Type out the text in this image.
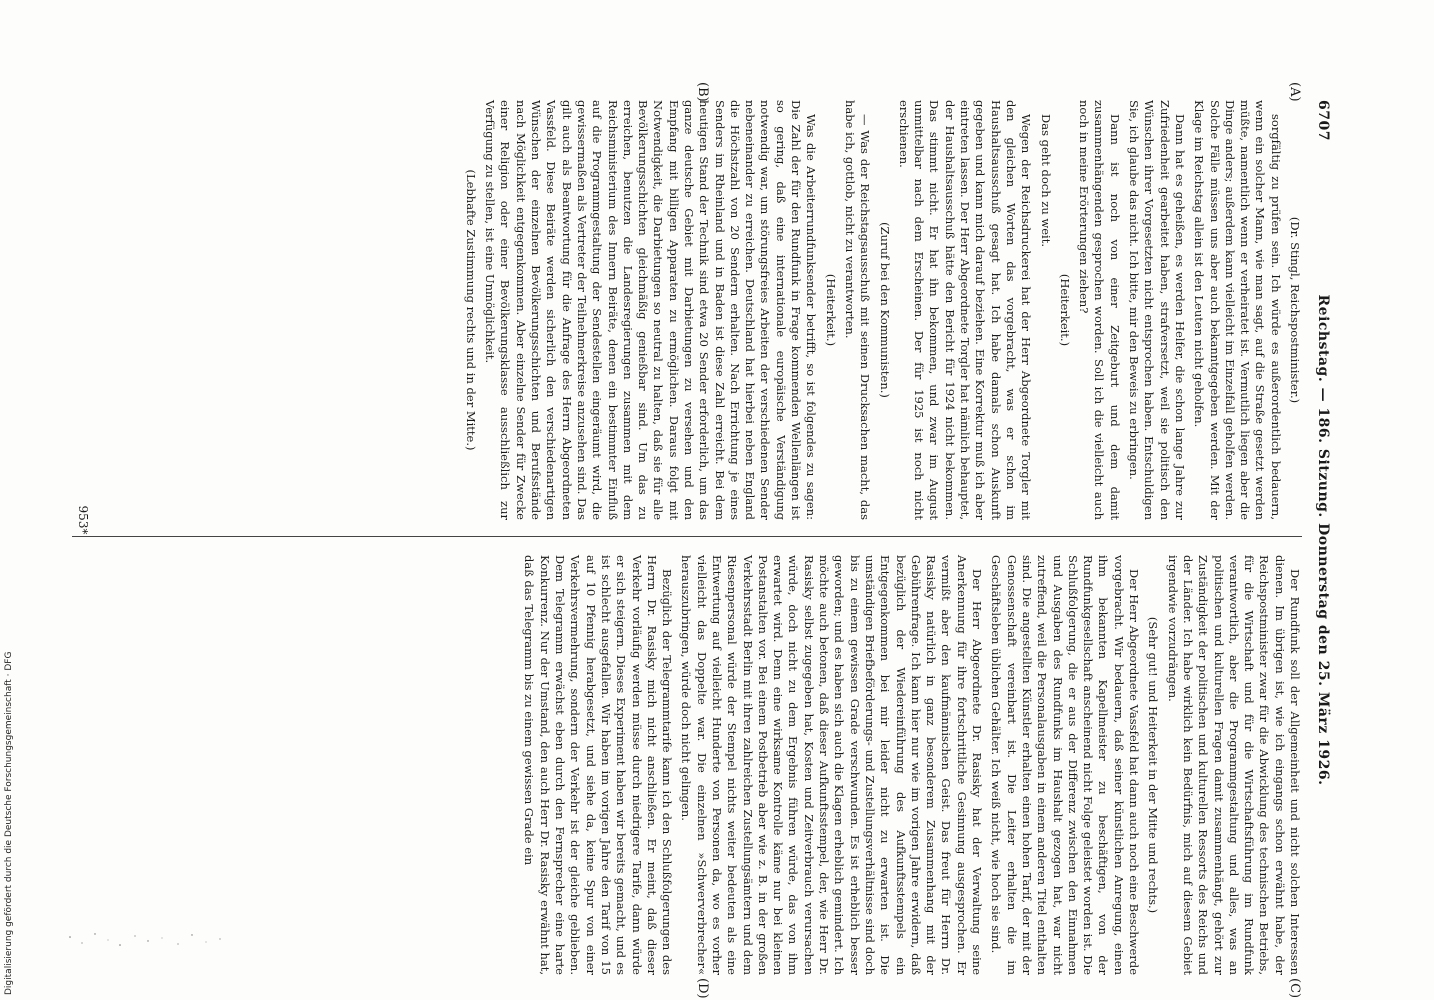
6707
Reichstag. — 186. Sitzung. Donnerstag den 25. März 1926.
(A)
(B)
(C)
(D)

(Dr. Stingl, Reichspostminister.)

sorgfältig zu prüfen sein. Ich würde es außerordentlich bedauern, wenn ein solcher Mann, wie man sagt, auf die Straße gesetzt werden müßte, namentlich wenn er verheiratet ist. Vermutlich liegen aber die Dinge anders; außerdem kann vielleicht im Einzelfall geholfen werden. Solche Fälle müssen uns aber auch bekanntgegeben werden. Mit der Klage im Reichstag allein ist den Leuten nicht geholfen.

Dann hat es geheißen, es werden Helfer, die schon lange Jahre zur Zufriedenheit gearbeitet haben, strafversetzt, weil sie politisch den Wünschen ihrer Vorgesetzten nicht entsprochen haben. Entschuldigen Sie, ich glaube das nicht. Ich bitte, mir den Beweis zu erbringen.

Dann ist noch von einer Zeitgeburt und dem damit zusammenhängenden gesprochen worden. Soll ich die vielleicht auch noch in meine Erörterungen ziehen?

(Heiterkeit.)

Das geht doch zu weit.

Wegen der Reichsdruckerei hat der Herr Abgeordnete Torgler mit den gleichen Worten das vorgebracht, was er schon im Haushaltsausschuß gesagt hat. Ich habe damals schon Auskunft gegeben und kann mich darauf beziehen. Eine Korrektur muß ich aber eintreten lassen. Der Herr Abgeordnete Torgler hat nämlich behauptet, der Haushaltsausschuß hätte den Bericht für 1924 nicht bekommen. Das stimmt nicht. Er hat ihn bekommen, und zwar im August unmittelbar nach dem Erscheinen. Der für 1925 ist noch nicht erschienen.

(Zuruf bei den Kommunisten.)

— Was der Reichstagsausschuß mit seinen Drucksachen macht, das habe ich, gottlob, nicht zu verantworten.

(Heiterkeit.)

Was die Arbeiterrundfunksender betrifft, so ist folgendes zu sagen: Die Zahl der für den Rundfunk in Frage kommenden Wellenlängen ist so gering, daß eine internationale europäische Verständigung notwendig war, um störungsfreies Arbeiten der verschiedenen Sender nebeneinander zu erreichen. Deutschland hat hierbei neben England die Höchstzahl von 20 Sendern erhalten. Nach Errichtung je eines Senders im Rheinland und in Baden ist diese Zahl erreicht. Bei dem heutigen Stand der Technik sind etwa 20 Sender erforderlich, um das ganze deutsche Gebiet mit Darbietungen zu versehen und den Empfang mit billigen Apparaten zu ermöglichen. Daraus folgt mit Notwendigkeit, die Darbietungen so neutral zu halten, daß sie für alle Bevölkerungsschichten gleichmäßig genießbar sind. Um das zu erreichen, benutzen die Landesregierungen zusammen mit dem Reichsministerium des Innern Beiräte, denen ein bestimmter Einfluß auf die Programmgestaltung der Sendestellen eingeräumt wird, die gewissermaßen als Vertreter der Teilnehmerkreise anzusehen sind. Das gilt auch als Beantwortung für die Anfrage des Herrn Abgeordneten Vassfeld. Diese Beiräte werden sicherlich den verschiedenartigen Wünschen der einzelnen Bevölkerungsschichten und Berufsstände nach Möglichkeit entgegenkommen. Aber einzelne Sender für Zwecke einer Religion oder einer Bevölkerungsklasse ausschließlich zur Verfügung zu stellen, ist eine Unmöglichkeit.

(Lebhafte Zustimmung rechts und in der Mitte.)

Der Rundfunk soll der Allgemeinheit und nicht solchen Interessen dienen. Im übrigen ist, wie ich eingangs schon erwähnt habe, der Reichspostminister zwar für die Abwicklung des technischen Betriebs, für die Wirtschaft und für die Wirtschaftsführung im Rundfunk verantwortlich, aber die Programmgestaltung und alles, was an politischen und kulturellen Fragen damit zusammenhängt, gehört zur Zuständigkeit der politischen und kulturellen Ressorts des Reichs und der Länder. Ich habe wirklich kein Bedürfnis, mich auf diesem Gebiet irgendwie vorzudrängen.

(Sehr gut! und Heiterkeit in der Mitte und rechts.)

Der Herr Abgeordnete Vassfeld hat dann auch noch eine Beschwerde vorgebracht. Wir bedauern, daß seiner künstlichen Anregung, einen ihm bekannten Kapellmeister zu beschäftigen, von der Rundfunkgesellschaft anscheinend nicht Folge geleistet worden ist. Die Schlußfolgerung, die er aus der Differenz zwischen den Einnahmen und Ausgaben des Rundfunks im Haushalt gezogen hat, war nicht zutreffend, weil die Personalausgaben in einem anderen Titel enthalten sind. Die angestellten Künstler erhalten einen hohen Tarif, der mit der Genossenschaft vereinbart ist. Die Leiter erhalten die im Geschäftsleben üblichen Gehälter. Ich weiß nicht, wie hoch sie sind.

Der Herr Abgeordnete Dr. Rasisky hat der Verwaltung seine Anerkennung für ihre fortschrittliche Gesinnung ausgesprochen. Er vermißt aber den kaufmännischen Geist. Das freut für Herrn Dr. Rasisky natürlich in ganz besonderem Zusammenhang mit der Gebührenfrage. Ich kann hier nur wie im vorigen Jahre erwidern, daß bezüglich der Wiedereinführung des Aufkunftsstempels ein Entgegenkommen bei mir leider nicht zu erwarten ist. Die umständigen Briefbeförderungs- und Zustellungsverhältnisse sind doch bis zu einem gewissen Grade verschwunden. Es ist erheblich besser geworden; und es haben sich auch die Klagen erheblich gemindert. Ich möchte auch betonen, daß dieser Aufkunftsstempel, der, wie Herr Dr. Rasisky selbst zugegeben hat, Kosten und Zeitverbrauch verursachen würde, doch nicht zu dem Ergebnis führen würde, das von ihm erwartet wird. Denn eine wirksame Kontrolle käme nur bei kleinen Postanstalten vor. Bei einem Postbetrieb aber wie z. B. in der großen Verkehrsstadt Berlin mit ihren zahlreichen Zustellungsämtern und dem Riesenpersonal würde der Stempel nichts weiter bedeuten als eine Entwertung auf vielleicht Hunderte von Personen da, wo es vorher vielleicht das Doppelte war. Die einzelnen »Schwerverbrecher« herauszubringen, würde doch nicht gelingen.

Bezüglich der Telegrammtarife kann ich den Schlußfolgerungen des Herrn Dr. Rasisky mich nicht anschließen. Er meint, daß dieser Verkehr vorläufig werden müsse durch niedrigere Tarife, dann würde er sich steigern. Dieses Experiment haben wir bereits gemacht, und es ist schlecht ausgefallen. Wir haben im vorigen Jahre den Tarif von 15 auf 10 Pfennig herabgesetzt, und siehe da, keine Spur von einer Verkehrsvermehrung, sondern der Verkehr ist der gleiche geblieben. Dem Telegramm erwächst eben durch den Fernsprecher eine harte Konkurrenz. Nur der Umstand, den auch Herr Dr. Rasisky erwähnt hat, daß das Telegramm bis zu einem gewissen Grade ein

953*
Digitalisierung gefördert durch die Deutsche Forschungsgemeinschaft · DFG
